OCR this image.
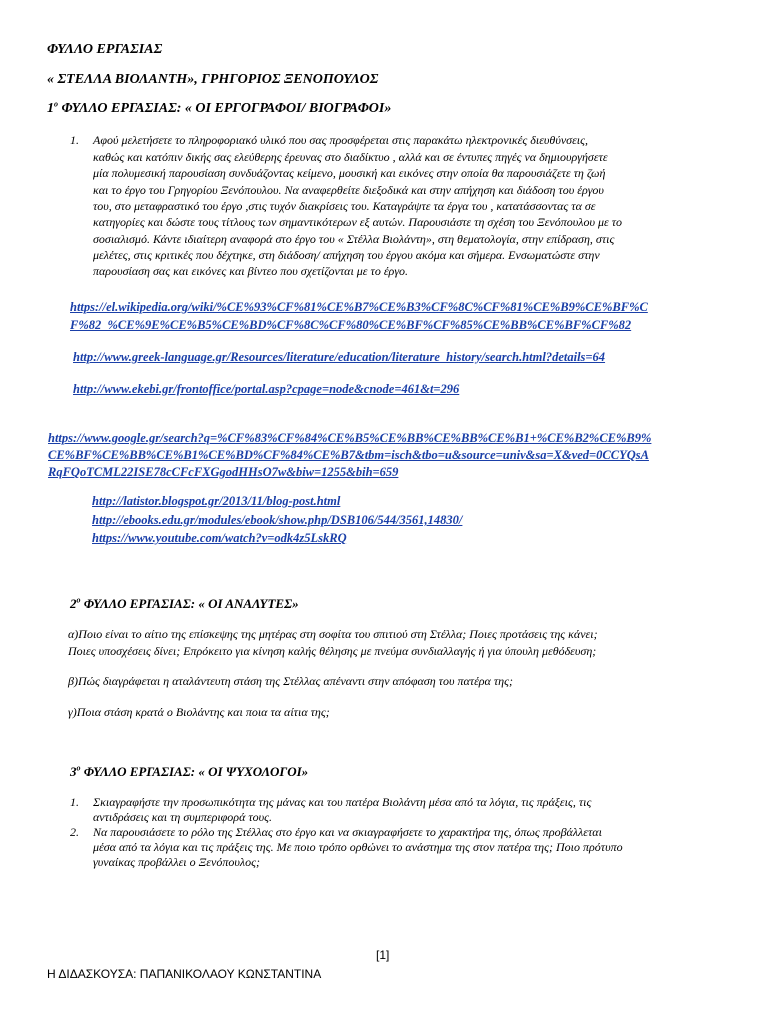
ΦΥΛΛΟ ΕΡΓΑΣΙΑΣ
« ΣΤΕΛΛΑ ΒΙΟΛΑΝΤΗ», ΓΡΗΓΟΡΙΟΣ ΞΕΝΟΠΟΥΛΟΣ
$1^o$ ΦΥΛΛΟ ΕΡΓΑΣΙΑΣ: « ΟΙ ΕΡΓΟΓΡΑΦΟΙ/ ΒΙΟΓΡΑΦΟΙ»
1. Αφού μελετήσετε το πληροφοριακό υλικό που σας προσφέρεται στις παρακάτω ηλεκτρονικές διευθύνσεις,
καθώς και κατόπιν δικής σας ελεύθερης έρευνας στο διαδίκτυο , αλλά και σε έντυπες πηγές να δημιουργήσετε
μία πολυμεσική παρουσίαση συνδυάζοντας κείμενο, μουσική και εικόνες στην οποία θα παρουσιάζετε τη ζωή
και το έργο του Γρηγορίου Ξενόπουλου. Να αναφερθείτε διεξοδικά και στην απήχηση και διάδοση του έργου
του, στο μεταφραστικό του έργο ,στις τυχόν διακρίσεις του. Καταγράψτε τα έργα του , κατατάσσοντας τα σε
κατηγορίες και δώστε τους τίτλους των σημαντικότερων εξ αυτών. Παρουσιάστε τη σχέση του Ξενόπουλου με το
σοσιαλισμό. Κάντε ιδιαίτερη αναφορά στο έργο του « Στέλλα Βιολάντη», στη θεματολογία, στην επίδραση, στις
μελέτες, στις κριτικές που δέχτηκε, στη διάδοση/ απήχηση του έργου ακόμα και σήμερα. Ενσωματώστε στην
παρουσίαση σας και εικόνες και βίντεο που σχετίζονται με το έργο.
https://el.wikipedia.org/wiki/%CE%93%CF%81%CE%B7%CE%B3%CF%8C%CF%81%CE%B9%CE%BF%C
F%82_%CE%9E%CE%B5%CE%BD%CF%8C%CF%80%CE%BF%CF%85%CE%BB%CE%BF%CF%82
http://www.greek-language.gr/Resources/literature/education/literature_history/search.html?details=64
http://www.ekebi.gr/frontoffice/portal.asp?cpage=node&cnode=461&t=296
https://www.google.gr/search?q=%CF%83%CF%84%CE%B5%CE%BB%CE%BB%CE%B1+%CE%B2%CE%B9%
CE%BF%CE%BB%CE%B1%CE%BD%CF%84%CE%B7&tbm=isch&tbo=u&source=univ&sa=X&ved=0CCYQsA
RqFQoTCML22ISE78cCFcFXGgodHHsO7w&biw=1255&bih=659
http://latistor.blogspot.gr/2013/11/blog-post.html
http://ebooks.edu.gr/modules/ebook/show.php/DSB106/544/3561,14830/
https://www.youtube.com/watch?v=odk4z5LskRQ
$2^o$ ΦΥΛΛΟ ΕΡΓΑΣΙΑΣ: « ΟΙ ΑΝΑΛΥΤΕΣ»
α)Ποιο είναι το αίτιο της επίσκεψης της μητέρας στη σοφίτα του σπιτιού στη Στέλλα; Ποιες προτάσεις της κάνει;
Ποιες υποσχέσεις δίνει; Επρόκειτο για κίνηση καλής θέλησης με πνεύμα συνδιαλλαγής ή για ύπουλη μεθόδευση;
β)Πώς διαγράφεται η αταλάντευτη στάση της Στέλλας απέναντι στην απόφαση του πατέρα της;
γ)Ποια στάση κρατά ο Βιολάντης και ποια τα αίτια της;
$3^o$ ΦΥΛΛΟ ΕΡΓΑΣΙΑΣ: « ΟΙ ΨΥΧΟΛΟΓΟΙ»
1. Σκιαγραφήστε την προσωπικότητα της μάνας και του πατέρα Βιολάντη μέσα από τα λόγια, τις πράξεις, τις
αντιδράσεις και τη συμπεριφορά τους.
2. Να παρουσιάσετε το ρόλο της Στέλλας στο έργο και να σκιαγραφήσετε το χαρακτήρα της, όπως προβάλλεται
μέσα από τα λόγια και τις πράξεις της. Με ποιο τρόπο ορθώνει το ανάστημα της στον πατέρα της; Ποιο πρότυπο
γυναίκας προβάλλει ο Ξενόπουλος;
[1]
Η ΔΙΔΑΣΚΟΥΣΑ: ΠΑΠΑΝΙΚΟΛΑΟΥ ΚΩΝΣΤΑΝΤΙΝΑ
